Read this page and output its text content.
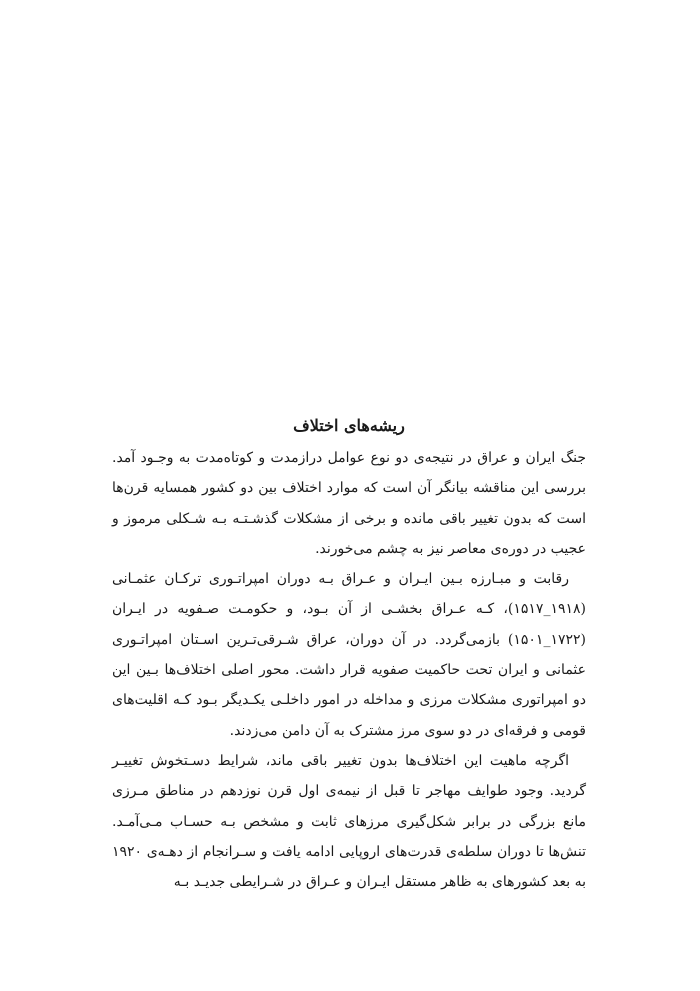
ریشه‌های اختلاف

جنگ ایران و عراق در نتیجه‌ی دو نوع عوامل درازمدت و کوتاه‌مدت به وجـود آمد. بررسی این مناقشه بیانگر آن است که موارد اختلاف بین دو کشور همسایه قرن‌ها است که بدون تغییر باقی مانده و برخی از مشکلات گذشـتـه بـه شـکلی مرموز و عجیب در دوره‌ی معاصر نیز به چشم می‌خورند.

رقابت و مبـارزه بـین ایـران و عـراق بـه دوران امپراتـوری ترکـان عثمـانی (۱۹۱۸_۱۵۱۷)، کـه عـراق بخشـی از آن بـود، و حکومـت صـفویه در ایـران (۱۷۲۲_۱۵۰۱) بازمی‌گردد. در آن دوران، عراق شـرقی‌تـرین اسـتان امپراتـوری عثمانی و ایران تحت حاکمیت صفویه قرار داشت. محور اصلی اختلاف‌ها بـین این دو امپراتوری مشکلات مرزی و مداخله در امور داخلـی یکـدیگر بـود کـه اقلیت‌های قومی و فرقه‌ای در دو سوی مرز مشترک به آن دامن می‌زدند.

اگرچه ماهیت این اختلاف‌ها بدون تغییر باقی ماند، شرایط دسـتخوش تغییـر گردید. وجود طوایف مهاجر تا قبل از نیمه‌ی اول قرن نوزدهم در مناطق مـرزی مانع بزرگی در برابر شکل‌گیری مرزهای ثابت و مشخص بـه حسـاب مـی‌آمـد. تنش‌ها تا دوران سلطه‌ی قدرت‌های اروپایی ادامه یافت و سـرانجام از دهـه‌ی ۱۹۲۰ به بعد کشورهای به ظاهر مستقل ایـران و عـراق در شـرایطی جدیـد بـه
